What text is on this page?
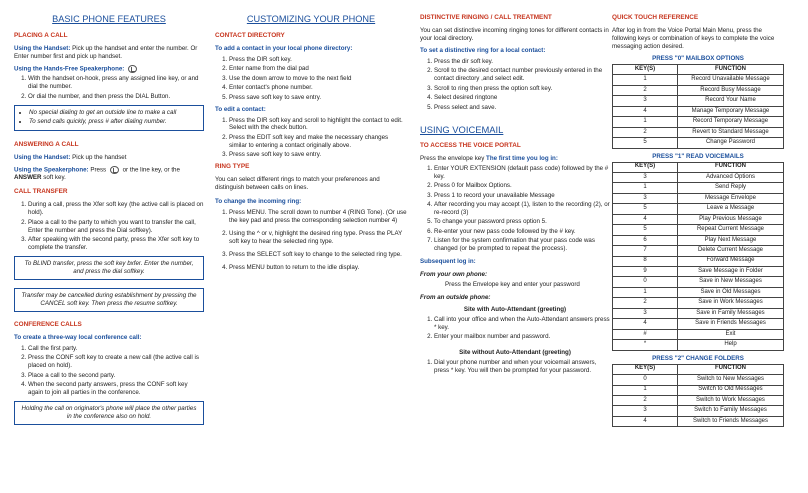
BASIC PHONE FEATURES
PLACING A CALL

Using the Handset: Pick up the handset and enter the number. Or Enter number first and pick up handset.

Using the Hands-Free Speakerphone:

1. With the handset on-hook, press any assigned line key, or and dial the number.
2. Or dial the number, and then press the DIAL Button.
• No special dialing to get an outside line to make a call
• To send calls quickly, press # after dialing number.
ANSWERING A CALL

Using the Handset: Pick up the handset

Using the Speakerphone: Press  or the line key, or the ANSWER soft key.

CALL TRANSFER
1. During a call, press the Xfer soft key (the active call is placed on hold).
2. Place a call to the party to which you want to transfer the call, Enter the number and press the Dial softkey).
3. After speaking with the second party, press the Xfer soft key to complete the transfer.
To BLIND transfer, press the soft key bxfer. Enter the number, and press the dial softkey.
Transfer may be cancelled during establishment by pressing the CANCEL soft key. Then press the resume softkey.
CONFERENCE CALLS
To create a three-way local conference call:
1. Call the first party.
2. Press the CONF soft key to create a new call (the active call is placed on hold).
3. Place a call to the second party.
4. When the second party answers, press the CONF soft key again to join all parties in the conference.
Holding the call on originator's phone will place the other parties in the conference also on hold.
CUSTOMIZING YOUR PHONE
CONTACT DIRECTORY
To add a contact in your local phone directory:
1. Press the DIR soft key.
2. Enter name from the dial pad
3. Use the down arrow to move to the next field
4. Enter contact's phone number.
5. Press save soft key to save entry.
To edit a contact:
1. Press the DIR soft key and scroll to highlight the contact to edit. Select with the check button.
2. Press the EDIT soft key and make the necessary changes similar to entering a contact originally above.
3. Press save soft key to save entry.
RING TYPE

You can select different rings to match your preferences and distinguish between calls on lines.

To change the incoming ring:
1. Press MENU. The scroll down to number 4 (RING Tone). (Or use the key pad and press the corresponding selection number 4)
2. Using the ^ or v, highlight the desired ring type. Press the PLAY soft key to hear the selected ring type.
3. Press the SELECT soft key to change to the selected ring type.
4. Press MENU button to return to the idle display.
DISTINCTIVE RINGING / CALL TREATMENT

You can set distinctive incoming ringing tones for different contacts in your local directory.

To set a distinctive ring for a local contact:
1. Press the dir soft key.
2. Scroll to the desired contact number previously entered in the contact directory ,and select edit.
3. Scroll to ring then press the option soft key.
4. Select desired ringtone
5. Press select and save.
USING VOICEMAIL
TO ACCESS THE VOICE PORTAL

Press the envelope key The first time you log in:

1. Enter YOUR EXTENSION (default pass code) followed by the # key.
2. Press 0 for Mailbox Options.
3. Press 1 to record your unavailable Message
4. After recording you may accept (1), listen to the recording (2), or re-record (3)
5. To change your password press option 5.
6. Re-enter your new pass code followed by the # key.
7. Listen for the system confirmation that your pass code was changed (or be prompted to repeat the process).
Subsequent log in:
From your own phone:

Press the Envelope key and enter your password

From an outside phone:
Site with Auto-Attendant (greeting)
1. Call into your office and when the Auto-Attendant answers press * key.
2. Enter your mailbox number and password.
Site without Auto-Attendant (greeting)
1. Dial your phone number and when your voicemail answers, press * key. You will then be prompted for your password.
QUICK TOUCH REFERENCE

After log in from the Voice Portal Main Menu, press the following keys or combination of keys to complete the voice messaging action desired.

PRESS "0" MAILBOX OPTIONS
KEY(S)	FUNCTION
1	Record Unavailable Message
2	Record Busy Message
3	Record Your Name
4	Manage Temporary Message
1	Record Temporary Message
2	Revert to Standard Message
5	Change Password
PRESS "1" READ VOICEMAILS
KEY(S)	FUNCTION
3	Advanced Options
1	Send Reply
3	Message Envelope
5	Leave a Message
4	Play Previous Message
5	Repeat Current Message
6	Play Next Message
7	Delete Current Message
8	Forward Message
9	Save Message in Folder
0	Save in New Messages
1	Save in Old Messages
2	Save in Work Messages
3	Save in Family Messages
4	Save in Friends Messages
#	Exit
*	Help
PRESS "2" CHANGE FOLDERS
KEY(S)	FUNCTION
0	Switch to New Messages
1	Switch to Old Messages
2	Switch to Work Messages
3	Switch to Family Messages
4	Switch to Friends Messages
